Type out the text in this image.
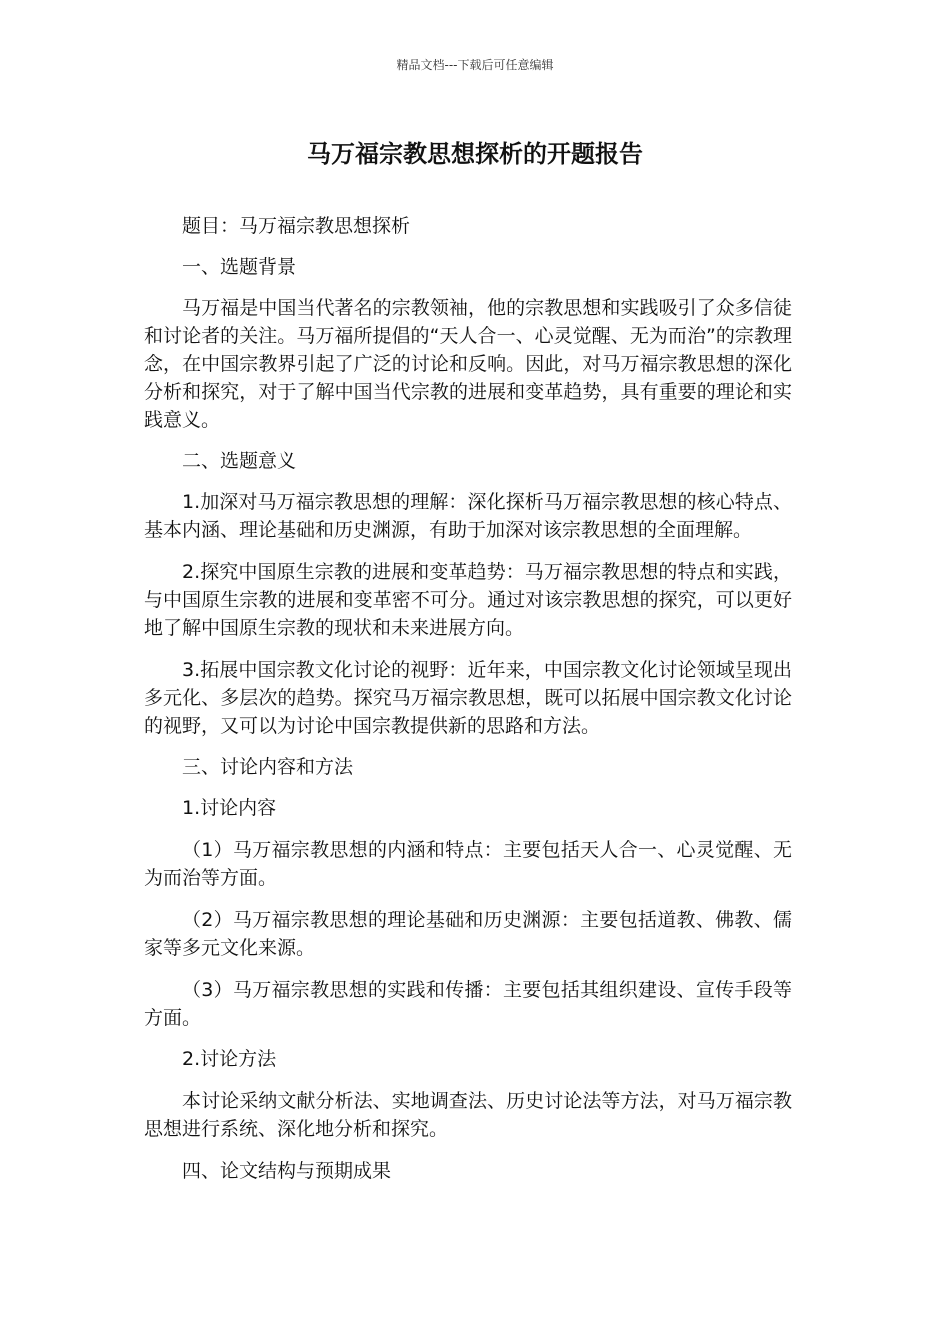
精品文档---下载后可任意编辑
马万福宗教思想探析的开题报告

题目：马万福宗教思想探析

一、选题背景

马万福是中国当代著名的宗教领袖，他的宗教思想和实践吸引了众多信徒和讨论者的关注。马万福所提倡的“天人合一、心灵觉醒、无为而治”的宗教理念，在中国宗教界引起了广泛的讨论和反响。因此，对马万福宗教思想的深化分析和探究，对于了解中国当代宗教的进展和变革趋势，具有重要的理论和实践意义。

二、选题意义

1.加深对马万福宗教思想的理解：深化探析马万福宗教思想的核心特点、基本内涵、理论基础和历史渊源，有助于加深对该宗教思想的全面理解。

2.探究中国原生宗教的进展和变革趋势：马万福宗教思想的特点和实践，与中国原生宗教的进展和变革密不可分。通过对该宗教思想的探究，可以更好地了解中国原生宗教的现状和未来进展方向。

3.拓展中国宗教文化讨论的视野：近年来，中国宗教文化讨论领域呈现出多元化、多层次的趋势。探究马万福宗教思想，既可以拓展中国宗教文化讨论的视野，又可以为讨论中国宗教提供新的思路和方法。

三、讨论内容和方法

1.讨论内容

（1）马万福宗教思想的内涵和特点：主要包括天人合一、心灵觉醒、无为而治等方面。

（2）马万福宗教思想的理论基础和历史渊源：主要包括道教、佛教、儒家等多元文化来源。

（3）马万福宗教思想的实践和传播：主要包括其组织建设、宣传手段等方面。

2.讨论方法

本讨论采纳文献分析法、实地调查法、历史讨论法等方法，对马万福宗教思想进行系统、深化地分析和探究。

四、论文结构与预期成果
